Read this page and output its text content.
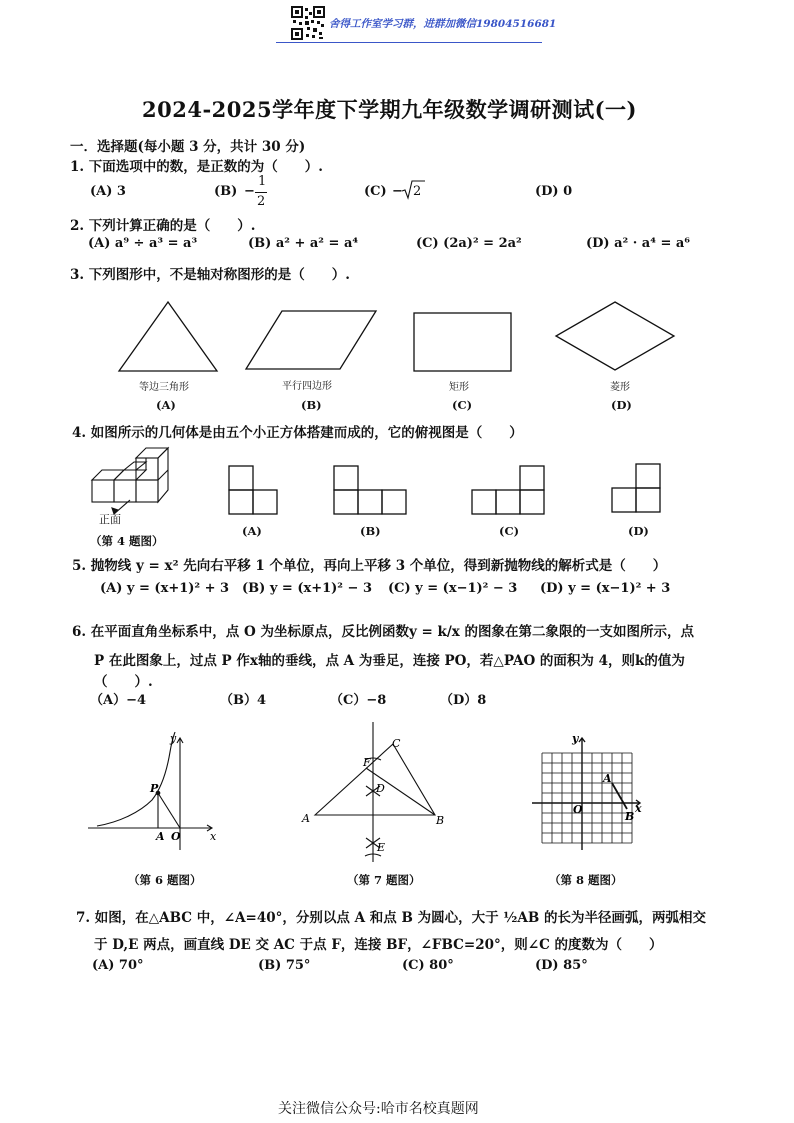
舍得工作室学习群，进群加微信19804516681
2024-2025学年度下学期九年级数学调研测试(一)
一．选择题(每小题 3 分，共计 30 分)
1. 下面选项中的数，是正数的为（　　）.
(A) 3	(B) −
1
2
(C) − 2	(D) 0
2. 下列计算正确的是（　　）.
(A) a⁹ ÷ a³ = a³	(B) a² + a² = a⁴	(C) (2a)² = 2a²	(D) a² · a⁴ = a⁶
3. 下列图形中，不是轴对称图形的是（　　）.
等边三角形	平行四边形	矩形	菱形
(A)	(B)	(C)	(D)
4. 如图所示的几何体是由五个小正方体搭建而成的，它的俯视图是（　　）
正面
（第 4 题图）
(A)	(B)	(C)	(D)
5. 抛物线 y = x² 先向右平移 1 个单位，再向上平移 3 个单位，得到新抛物线的解析式是（　　）
(A) y = (x+1)² + 3 (B) y = (x+1)² − 3 (C) y = (x−1)² − 3 (D) y = (x−1)² + 3
6. 在平面直角坐标系中，点 O 为坐标原点，反比例函数y = k/x 的图象在第二象限的一支如图所示，点
P 在此图象上，过点 P 作x轴的垂线，点 A 为垂足，连接 PO，若△PAO 的面积为 4，则k的值为
（　　）.
（A）−4	（B）4	（C）−8	（D）8
y
x
P
A O
A	B
C
D
E
F
y
x
A
B
O
（第 6 题图）	（第 7 题图）	（第 8 题图）
7. 如图，在△ABC 中，∠A=40°，分别以点 A 和点 B 为圆心，大于 ½AB 的长为半径画弧，两弧相交
于 D,E 两点，画直线 DE 交 AC 于点 F，连接 BF，∠FBC=20°，则∠C 的度数为（　　）
(A) 70°	(B) 75°	(C) 80°	(D) 85°
关注微信公众号:哈市名校真题网
